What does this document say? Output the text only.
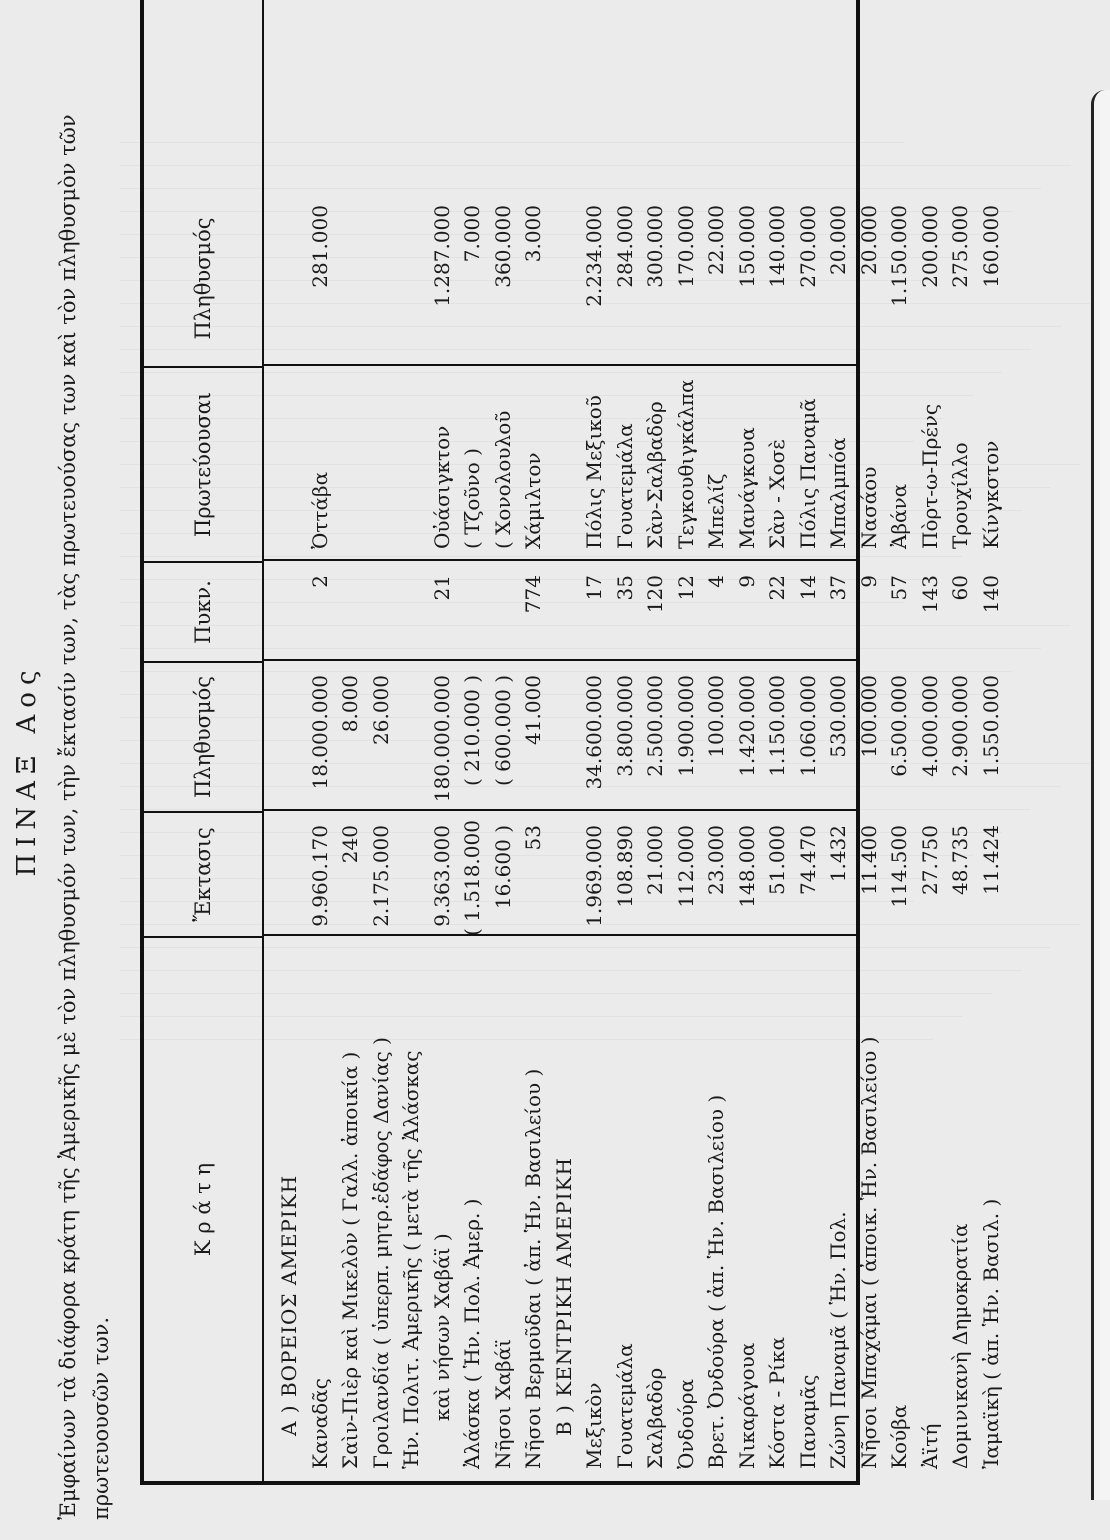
ΠΙΝΑΞ Αος Ἐμφαίνων τὰ διάφορα κράτη τῆς Ἀμερικῆς μὲ τὸν πληθυσμόν των, τὴν ἔκτασίν των, τὰς πρωτευούσας των καὶ τὸν πληθυσμὸν τῶν πρωτευουσῶν των.
Κ ρ ά τ η
Ἔκτασις
Πληθυσμός
Πυκν.
Πρωτεύουσαι
Πληθυσμός
Α ) ΒΟΡΕΙΟΣ ΑΜΕΡΙΚΗ Καναδᾶς
9.960.170
18.000.000
2
Ὀττάβα
281.000
Σαὶν-Πιὲρ καὶ Μικελὸν ( Γαλλ. ἀποικία )
240
8.000
Γροιλανδία ( ὑπερπ. μητρ.ἐδάφος Δανίας )
2.175.000
26.000
Ἡν. Πολιτ. Ἀμερικῆς ( μετὰ τῆς Ἀλάσκας καὶ νήσων Χαβάϊ )
9.363.000
180.000.000
21
Οὐάσιγκτον
1.287.000
Ἀλάσκα ( Ἡν. Πολ. Ἀμερ. )
( 1.518.000
( 210.000 )
( Τζοῦνο )
7.000
Νῆσοι Χαβάϊ
16.600 )
( 600.000 )
( Χονολουλοῦ
360.000
Νῆσοι Βερμοῦδαι ( ἀπ. Ἡν. Βασιλείου )
53
41.000
774
Χάμιλτον
3.000
Β ) ΚΕΝΤΡΙΚΗ ΑΜΕΡΙΚΗ Μεξικὸν
1.969.000
34.600.000
17
Πόλις Μεξικοῦ
2.234.000
Γουατεμάλα
108.890
3.800.000
35
Γουατεμάλα
284.000
Σαλβαδὸρ
21.000
2.500.000
120
Σὰν-Σαλβαδὸρ
300.000
Ὀνδούρα
112.000
1.900.000
12
Τεγκουθιγκάλπα
170.000
Βρετ. Ὀνδούρα ( ἀπ. Ἡν. Βασιλείου )
23.000
100.000
4
Μπελίζ
22.000
Νικαράγουα
148.000
1.420.000
9
Μανάγκουα
150.000
Κόστα - Ρίκα
51.000
1.150.000
22
Σὰν - Χοσὲ
140.000
Παναμᾶς
74.470
1.060.000
14
Πόλις Παναμᾶ
270.000
Ζώνη Παναμᾶ ( Ἡν. Πολ.
1.432
530.000
37
Μπαλμπόα
20.000
Νῆσοι Μπαχάμαι ( ἀποικ. Ἡν. Βασιλείου )
11.400
100.000
9
Νασάου
20.000
Κούβα
114.500
6.500.000
57
Ἀβάνα
1.150.000
Ἀϊτή
27.750
4.000.000
143
Πὸρτ-ω-Πρένς
200.000
Δομινικανὴ Δημοκρατία
48.735
2.900.000
60
Τρουχίλλο
275.000
Ἰαμαϊκὴ ( ἀπ. Ἡν. Βασιλ. )
11.424
1.550.000
140
Κίνγκστον
160.000
